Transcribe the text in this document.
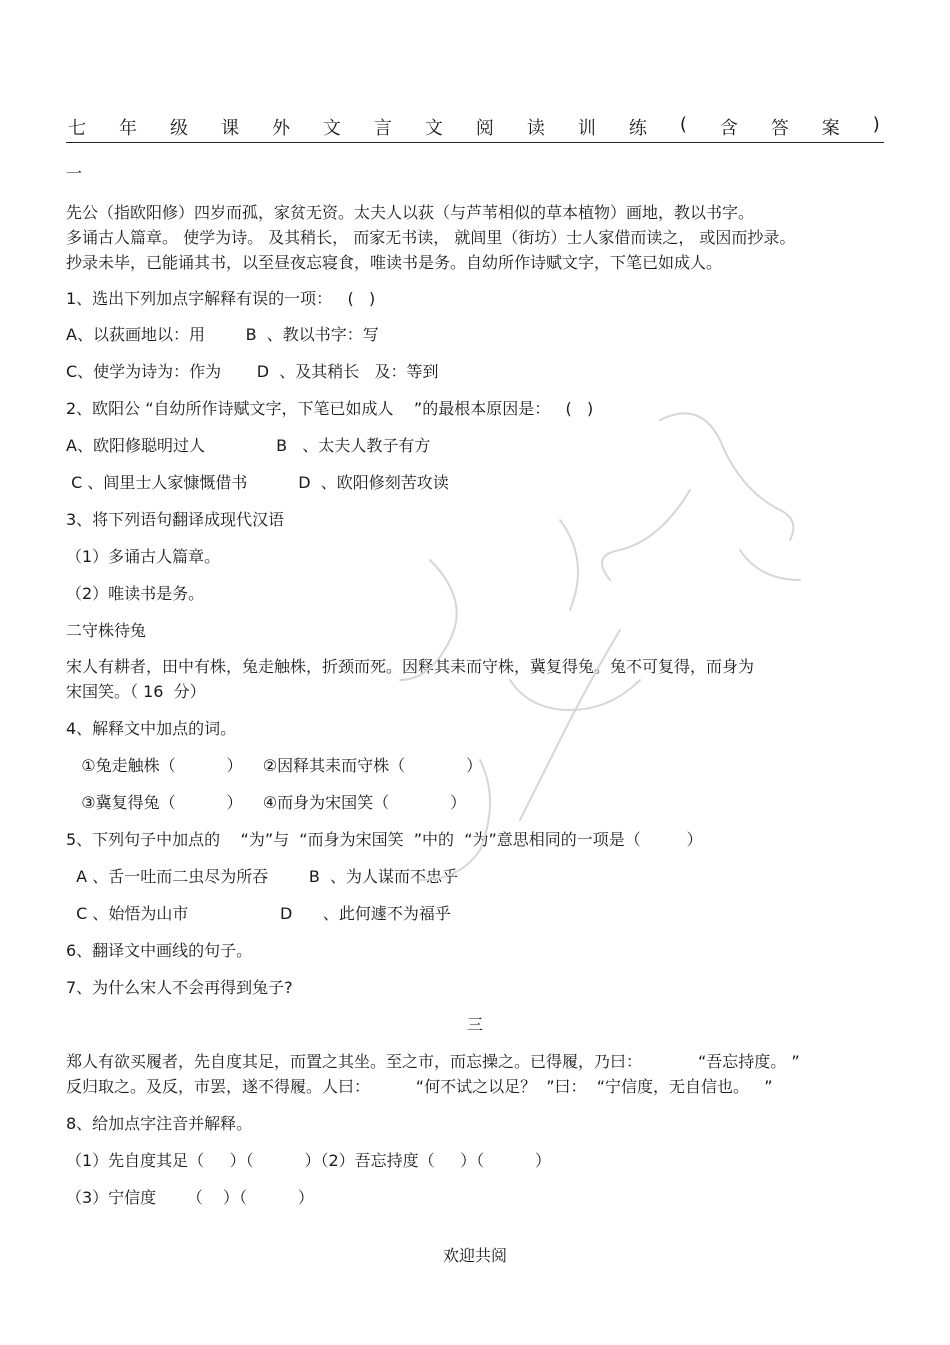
七 年 级 课 外 文 言 文 阅 读 训 练 ( 含 答 案 )
一
先公（指欧阳修）四岁而孤，家贫无资。太夫人以荻（与芦苇相似的草本植物）画地，教以书字。
多诵古人篇章。 使学为诗。 及其稍长， 而家无书读， 就闾里（街坊）士人家借而读之， 或因而抄录。
抄录未毕，已能诵其书，以至昼夜忘寝食，唯读书是务。自幼所作诗赋文字，下笔已如成人。
1、选出下列加点字解释有误的一项：   (   )
A、以荻画地以：用        B  、教以书字：写
C、使学为诗为：作为       D  、及其稍长   及：等到
2、欧阳公 “自幼所作诗赋文字，下笔已如成人    ”的最根本原因是：   (   )
A、欧阳修聪明过人              B   、太夫人教子有方
C 、闾里士人家慷慨借书          D  、欧阳修刻苦攻读
3、将下列语句翻译成现代汉语
（1）多诵古人篇章。
（2）唯读书是务。
二守株待兔
宋人有耕者，田中有株，兔走触株，折颈而死。因释其耒而守株，冀复得兔。兔不可复得，而身为
宋国笑。（ 16  分）
4、解释文中加点的词。
①兔走触株（          ）    ②因释其耒而守株（            ）
③冀复得兔（          ）    ④而身为宋国笑（            ）
5、下列句子中加点的    “为”与  “而身为宋国笑  ”中的  “为”意思相同的一项是（         ）
A 、舌一吐而二虫尽为所吞        B  、为人谋而不忠乎
C 、始悟为山市                  D      、此何遽不为福乎
6、翻译文中画线的句子。
7、为什么宋人不会再得到兔子?
三
郑人有欲买履者，先自度其足，而置之其坐。至之市，而忘操之。已得履，乃曰：           “吾忘持度。 ”
反归取之。及反，市罢，遂不得履。人曰：         “何不试之以足？  ”曰：  “宁信度，无自信也。   ”
8、给加点字注音并解释。
（1）先自度其足（     ）（          ）（2）吾忘持度（     ）（          ）
（3）宁信度      （    ）（          ）
欢迎共阅
